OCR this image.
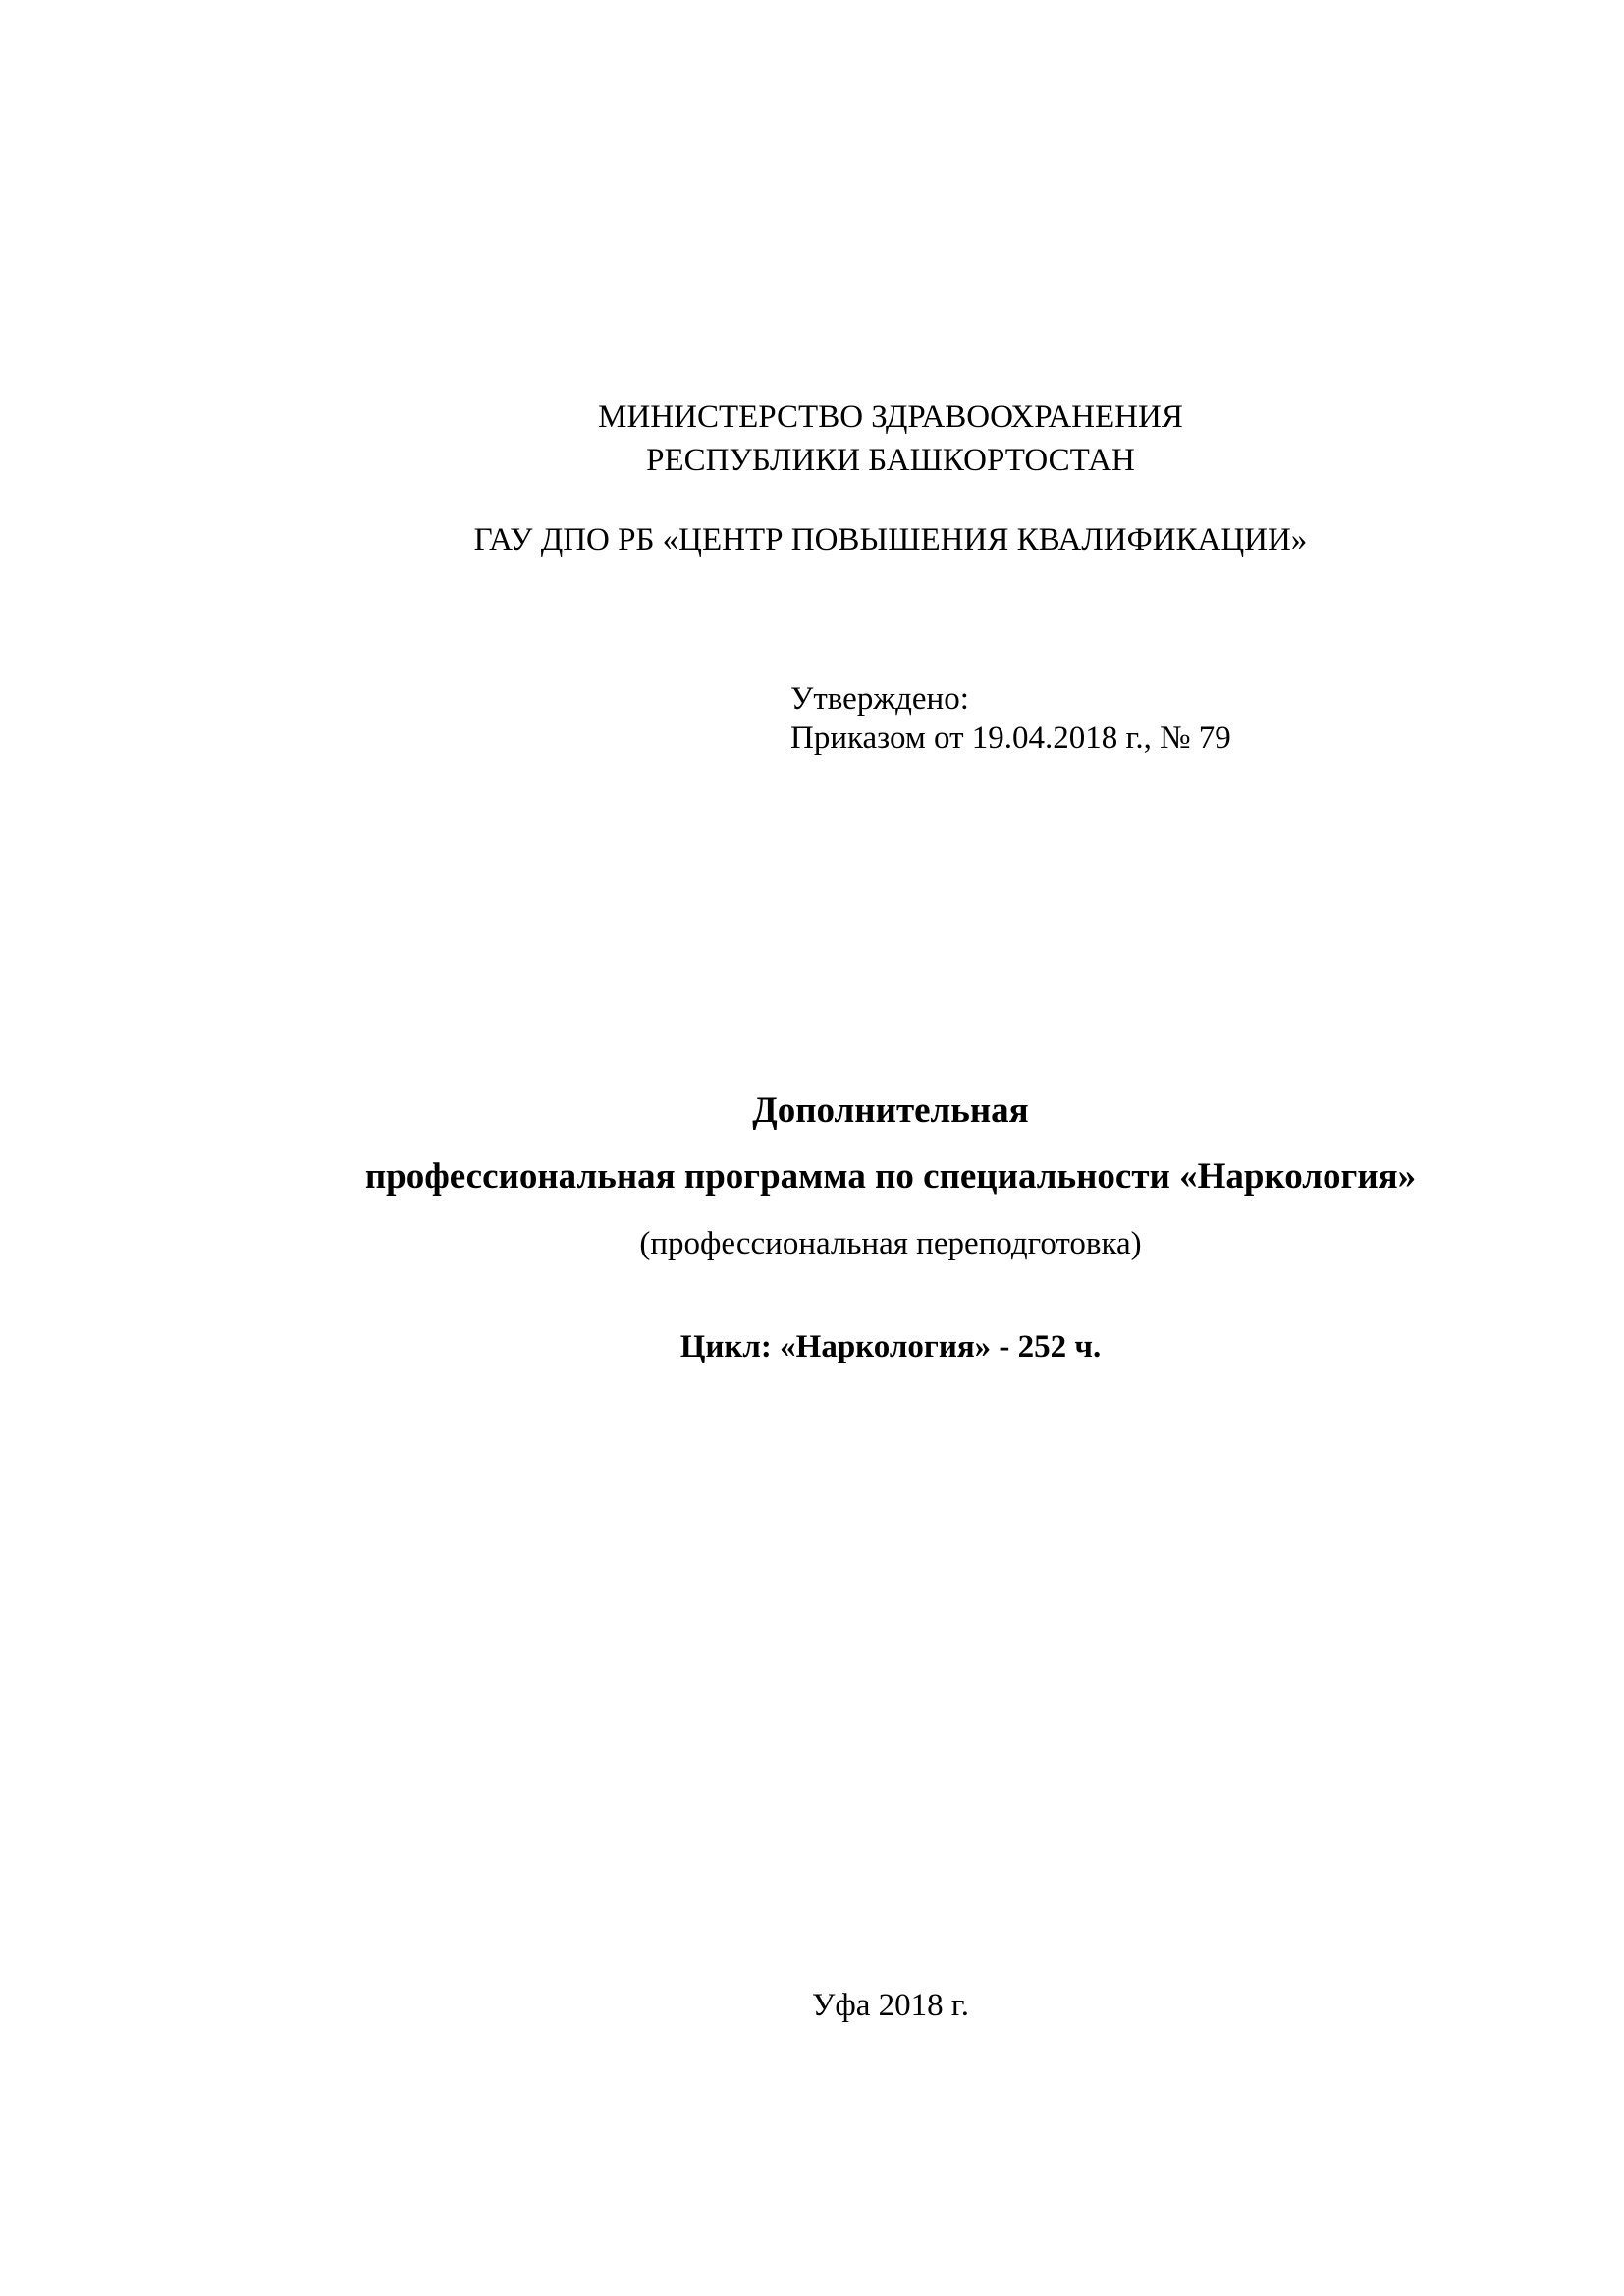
МИНИСТЕРСТВО ЗДРАВООХРАНЕНИЯ
РЕСПУБЛИКИ БАШКОРТОСТАН
ГАУ ДПО РБ «ЦЕНТР ПОВЫШЕНИЯ КВАЛИФИКАЦИИ»
Утверждено:
Приказом от 19.04.2018 г., № 79
Дополнительная
профессиональная программа по специальности «Наркология»
(профессиональная переподготовка)
Цикл: «Наркология» - 252 ч.
Уфа 2018 г.
